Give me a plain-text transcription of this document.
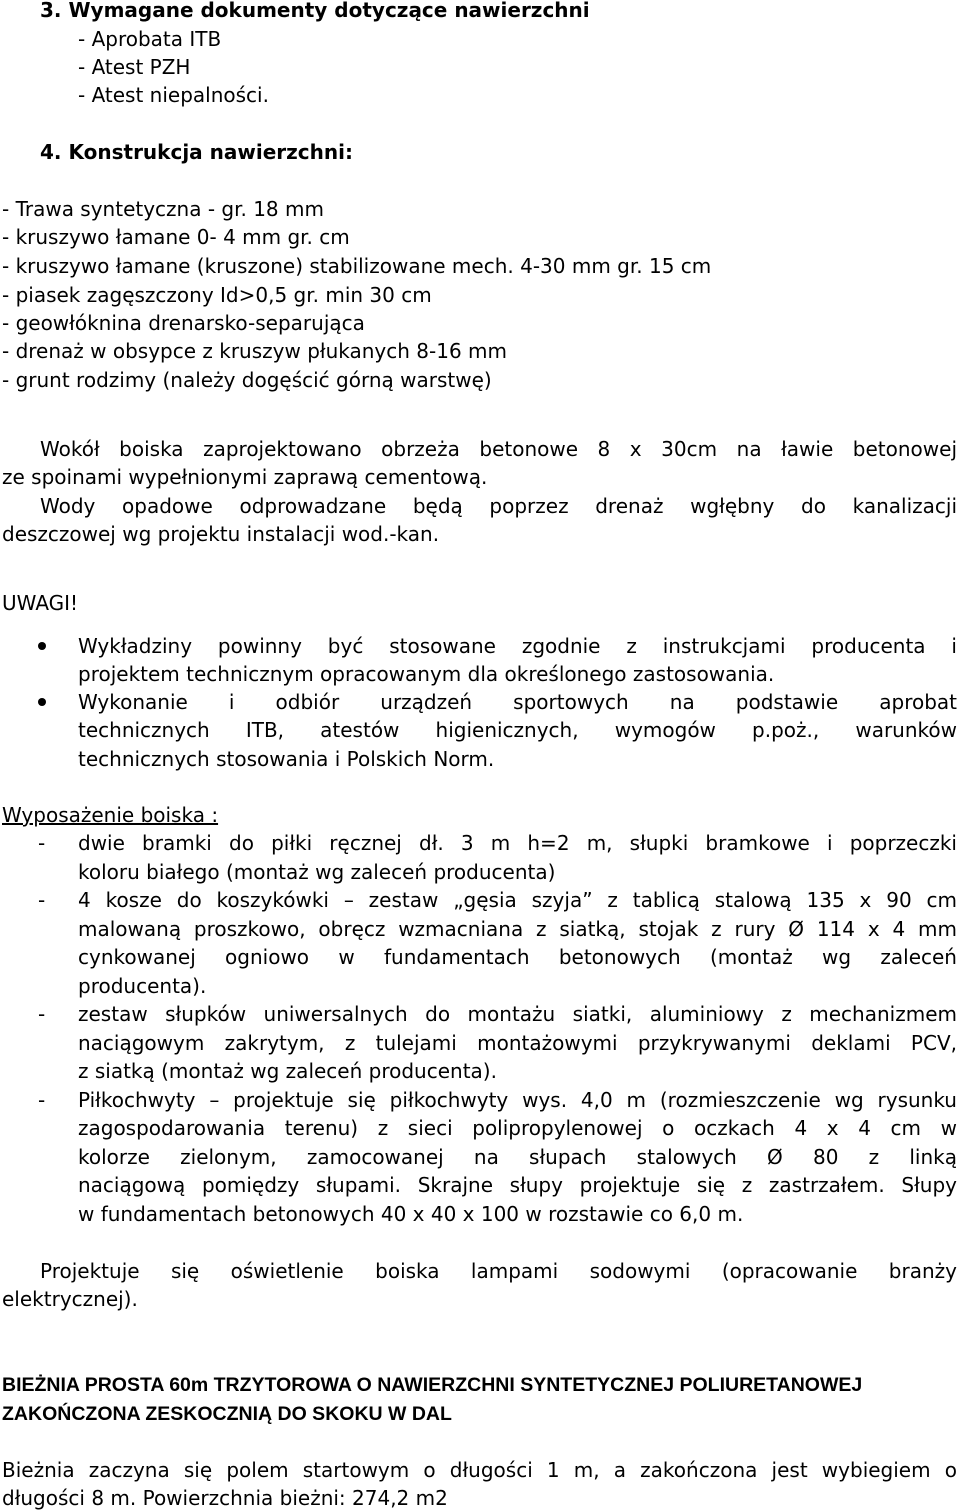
3. Wymagane dokumenty dotyczące nawierzchni
- Aprobata ITB
- Atest PZH
- Atest niepalności.
4. Konstrukcja nawierzchni:
- Trawa syntetyczna - gr. 18 mm
- kruszywo łamane 0- 4 mm gr. cm
- kruszywo łamane (kruszone) stabilizowane mech. 4-30 mm gr. 15 cm
- piasek zagęszczony Id>0,5 gr. min 30 cm
- geowłóknina drenarsko-separująca
- drenaż w obsypce z kruszyw płukanych 8-16 mm
- grunt rodzimy (należy dogęścić górną warstwę)
Wokół boiska zaprojektowano obrzeża betonowe 8 x 30cm na ławie betonowej
ze spoinami wypełnionymi zaprawą cementową.
Wody opadowe odprowadzane będą poprzez drenaż wgłębny do kanalizacji
deszczowej wg projektu instalacji wod.-kan.
UWAGI!
Wykładziny powinny być stosowane zgodnie z instrukcjami producenta i
projektem technicznym opracowanym dla określonego zastosowania.
Wykonanie i odbiór urządzeń sportowych na podstawie aprobat
technicznych ITB, atestów higienicznych, wymogów p.poż., warunków
technicznych stosowania i Polskich Norm.
Wyposażenie boiska :
- dwie bramki do piłki ręcznej dł. 3 m h=2 m, słupki bramkowe i poprzeczki
koloru białego (montaż wg zaleceń producenta)
- 4 kosze do koszykówki – zestaw „gęsia szyja” z tablicą stalową 135 x 90 cm
malowaną proszkowo, obręcz wzmacniana z siatką, stojak z rury Ø 114 x 4 mm
cynkowanej ogniowo w fundamentach betonowych (montaż wg zaleceń
producenta).
- zestaw słupków uniwersalnych do montażu siatki, aluminiowy z mechanizmem
naciągowym zakrytym, z tulejami montażowymi przykrywanymi deklami PCV,
z siatką (montaż wg zaleceń producenta).
- Piłkochwyty – projektuje się piłkochwyty wys. 4,0 m (rozmieszczenie wg rysunku
zagospodarowania terenu) z sieci polipropylenowej o oczkach 4 x 4 cm w
kolorze zielonym, zamocowanej na słupach stalowych Ø 80 z linką
naciągową pomiędzy słupami. Skrajne słupy projektuje się z zastrzałem. Słupy
w fundamentach betonowych 40 x 40 x 100 w rozstawie co 6,0 m.
Projektuje się oświetlenie boiska lampami sodowymi (opracowanie branży
elektrycznej).
BIEŻNIA PROSTA 60m TRZYTOROWA O NAWIERZCHNI SYNTETYCZNEJ POLIURETANOWEJ
ZAKOŃCZONA ZESKOCZNIĄ DO SKOKU W DAL
Bieżnia zaczyna się polem startowym o długości 1 m, a zakończona jest wybiegiem o
długości 8 m. Powierzchnia bieżni: 274,2 m2
